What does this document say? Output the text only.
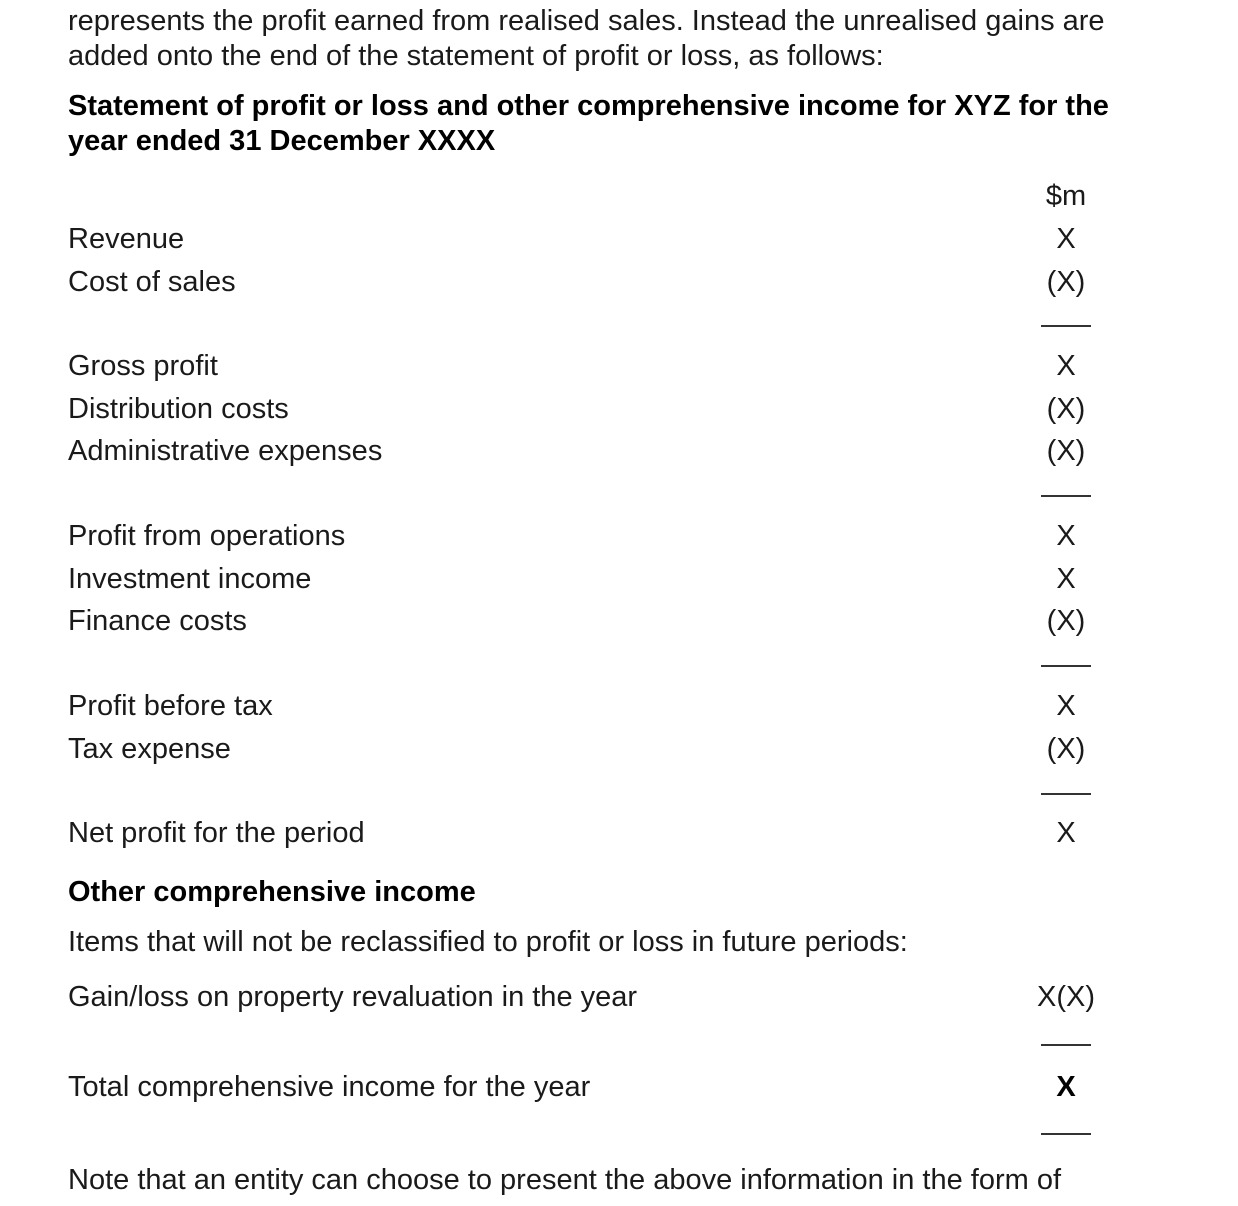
represents the profit earned from realised sales. Instead the unrealised gains are added onto the end of the statement of profit or loss, as follows:

Statement of profit or loss and other comprehensive income for XYZ for the year ended 31 December XXXX

$m
Revenue	X
Cost of sales	(X)
Gross profit	X
Distribution costs	(X)
Administrative expenses	(X)
Profit from operations	X
Investment income	X
Finance costs	(X)
Profit before tax	X
Tax expense	(X)
Net profit for the period	X
Other comprehensive income
Items that will not be reclassified to profit or loss in future periods:
Gain/loss on property revaluation in the year	X(X)
Total comprehensive income for the year	X

Note that an entity can choose to present the above information in the form of
